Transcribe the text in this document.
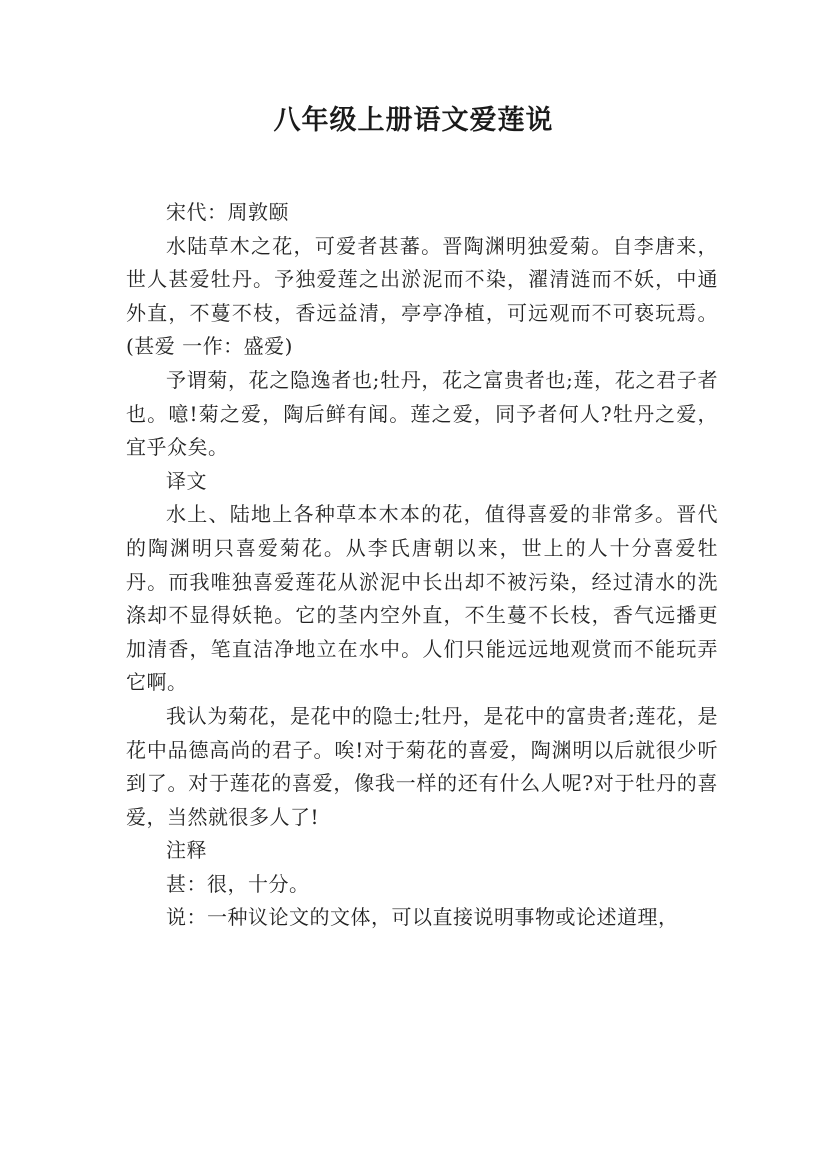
八年级上册语文爱莲说

宋代：周敦颐

水陆草木之花，可爱者甚蕃。晋陶渊明独爱菊。自李唐来，世人甚爱牡丹。予独爱莲之出淤泥而不染，濯清涟而不妖，中通外直，不蔓不枝，香远益清，亭亭净植，可远观而不可亵玩焉。(甚爱 一作：盛爱)

予谓菊，花之隐逸者也;牡丹，花之富贵者也;莲，花之君子者也。噫!菊之爱，陶后鲜有闻。莲之爱，同予者何人?牡丹之爱，宜乎众矣。

译文

水上、陆地上各种草本木本的花，值得喜爱的非常多。晋代的陶渊明只喜爱菊花。从李氏唐朝以来，世上的人十分喜爱牡丹。而我唯独喜爱莲花从淤泥中长出却不被污染，经过清水的洗涤却不显得妖艳。它的茎内空外直，不生蔓不长枝，香气远播更加清香，笔直洁净地立在水中。人们只能远远地观赏而不能玩弄它啊。

我认为菊花，是花中的隐士;牡丹，是花中的富贵者;莲花，是花中品德高尚的君子。唉!对于菊花的喜爱，陶渊明以后就很少听到了。对于莲花的喜爱，像我一样的还有什么人呢?对于牡丹的喜爱，当然就很多人了!

注释

甚：很，十分。

说：一种议论文的文体，可以直接说明事物或论述道理，
